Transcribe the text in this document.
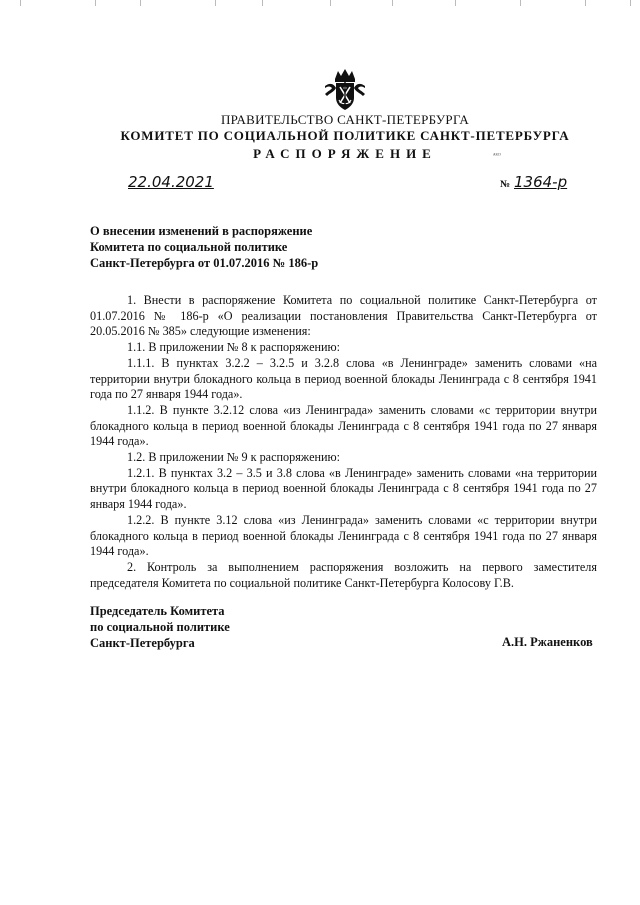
ПРАВИТЕЛЬСТВО САНКТ-ПЕТЕРБУРГА
КОМИТЕТ ПО СОЦИАЛЬНОЙ ПОЛИТИКЕ САНКТ-ПЕТЕРБУРГА
РАСПОРЯЖЕНИЕ	ᴬᴷᴰ
22.04.2021	№ 1364-р
О внесении изменений в распоряжение
Комитета по социальной политике
Санкт-Петербурга от 01.07.2016 № 186-р

1. Внести в распоряжение Комитета по социальной политике Санкт-Петербурга от 01.07.2016 № 186-р «О реализации постановления Правительства Санкт-Петербурга от 20.05.2016 № 385» следующие изменения:

1.1. В приложении № 8 к распоряжению:

1.1.1. В пунктах 3.2.2 – 3.2.5 и 3.2.8 слова «в Ленинграде» заменить словами «на территории внутри блокадного кольца в период военной блокады Ленинграда с 8 сентября 1941 года по 27 января 1944 года».

1.1.2. В пункте 3.2.12 слова «из Ленинграда» заменить словами «с территории внутри блокадного кольца в период военной блокады Ленинграда с 8 сентября 1941 года по 27 января 1944 года».

1.2. В приложении № 9 к распоряжению:

1.2.1. В пунктах 3.2 – 3.5 и 3.8 слова «в Ленинграде» заменить словами «на территории внутри блокадного кольца в период военной блокады Ленинграда с 8 сентября 1941 года по 27 января 1944 года».

1.2.2. В пункте 3.12 слова «из Ленинграда» заменить словами «с территории внутри блокадного кольца в период военной блокады Ленинграда с 8 сентября 1941 года по 27 января 1944 года».

2. Контроль за выполнением распоряжения возложить на первого заместителя председателя Комитета по социальной политике Санкт-Петербурга Колосову Г.В.

Председатель Комитета
по социальной политике
Санкт-Петербурга	А.Н. Ржаненков
